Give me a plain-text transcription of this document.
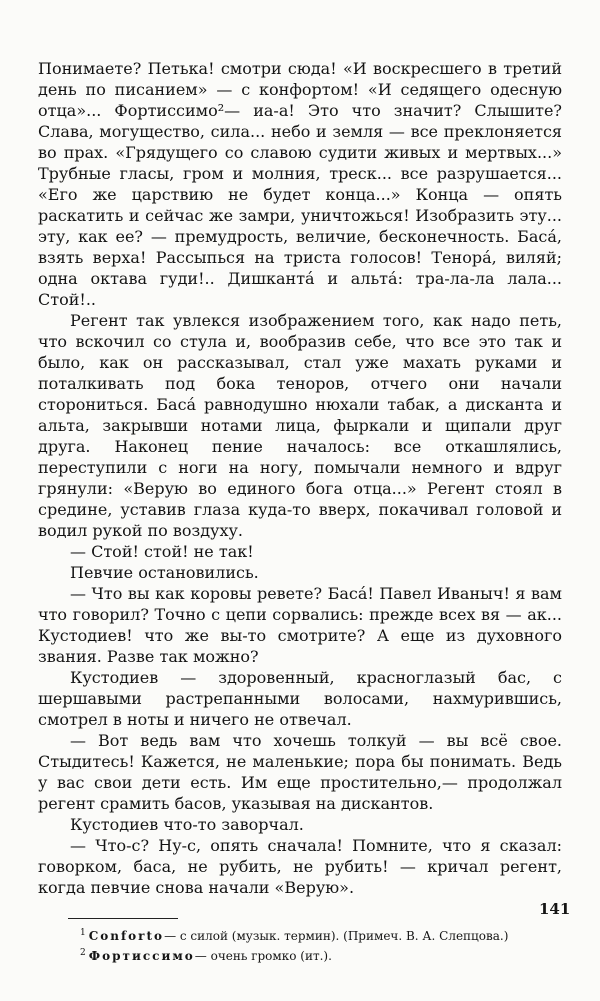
Понимаете? Петька! смотри сюда! «И воскресшего в третий день по писанием» — с конфортом! «И седящего одесную отца»... Фортиссимо²— иа-а! Это что значит? Слышите? Слава, могущество, сила... небо и земля — все преклоняется во прах. «Грядущего со славою судити живых и мертвых...» Трубные гласы, гром и молния, треск... все разрушается... «Его же царствию не будет конца...» Конца — опять раскатить и сейчас же замри, уничтожься! Изобразить эту... эту, как ее? — премудрость, величие, бесконечность. Басá, взять верха! Рассыпься на триста голосов! Тенорá, виляй; одна октава гуди!.. Дишкантá и альтá: тра-ла-ла лала... Стой!..

Регент так увлекся изображением того, как надо петь, что вскочил со стула и, вообразив себе, что все это так и было, как он рассказывал, стал уже махать руками и поталкивать под бока теноров, отчего они начали сторониться. Басá равнодушно нюхали табак, а дисканта и альта, закрывши нотами лица, фыркали и щипали друг друга. Наконец пение началось: все откашлялись, переступили с ноги на ногу, помычали немного и вдруг грянули: «Верую во единого бога отца...» Регент стоял в средине, уставив глаза куда-то вверх, покачивал головой и водил рукой по воздуху.

— Стой! стой! не так!

Певчие остановились.

— Что вы как коровы ревете? Басá! Павел Иваныч! я вам что говорил? Точно с цепи сорвались: прежде всех вя — ак... Кустодиев! что же вы-то смотрите? А еще из духовного звания. Разве так можно?

Кустодиев — здоровенный, красноглазый бас, с шершавыми растрепанными волосами, нахмурившись, смотрел в ноты и ничего не отвечал.

— Вот ведь вам что хочешь толкуй — вы всё свое. Стыдитесь! Кажется, не маленькие; пора бы понимать. Ведь у вас свои дети есть. Им еще простительно,— продолжал регент срамить басов, указывая на дискантов.

Кустодиев что-то заворчал.

— Что-с? Ну-с, опять сначала! Помните, что я сказал: говорком, баса, не рубить, не рубить! — кричал регент, когда певчие снова начали «Верую».

$^1$ Conforto— с силой (музык. термин). (Примеч. В. А. Слепцова.)

$^2$ Фортиссимо— очень громко (ит.).

141
